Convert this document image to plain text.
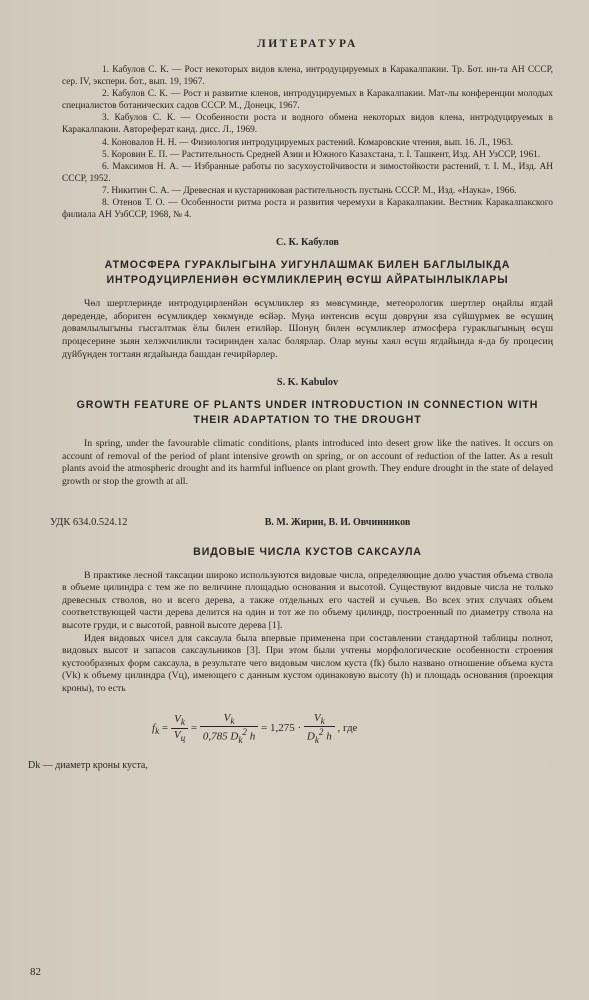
ЛИТЕРАТУРА

1. Кабулов С. К. — Рост некоторых видов клена, интродуцируемых в Каракалпакии. Тр. Бот. ин-та АН СССР, сер. IV, экспери. бот., вып. 19, 1967.

2. Кабулов С. К. — Рост и развитие кленов, интродуцируемых в Каракалпакии. Мат-лы конференции молодых специалистов ботанических садов СССР. М., Донецк, 1967.

3. Кабулов С. К. — Особенности роста и водного обмена некоторых видов клена, интродуцируемых в Каракалпакии. Автореферат канд. дисс. Л., 1969.

4. Коновалов Н. Н. — Физиология интродуцируемых растений. Комаровские чтения, вып. 16. Л., 1963.

5. Коровин Е. П. — Растительность Средней Азии и Южного Казахстана, т. I. Ташкент, Изд. АН УзССР, 1961.

6. Максимов Н. А. — Избранные работы по засухоустойчивости и зимостойкости растений, т. I. М., Изд. АН СССР, 1952.

7. Никитин С. А. — Древесная и кустарниковая растительность пустынь СССР. М., Изд. «Наука», 1966.

8. Отенов Т. О. — Особенности ритма роста и развития черемухи в Каракалпакии. Вестник Каракалпакского филиала АН УзбССР, 1968, № 4.

С. К. Кабулов
АТМОСФЕРА ГУРАКЛЫГЫНА УИГУНЛАШМАК БИЛЕН БАГЛЫЛЫКДА ИНТРОДУЦИРЛЕНИӘН ӨСҮМЛИКЛЕРИҢ ӨСҮШ АЙРАТЫНЛЫКЛАРЫ

Чөл шертлеринде интродуцирленйән өсүмликлер яз мөвсүминде, метеорологик шертлер оңайлы ягдай дөреденде, абориген өсүмликдер хөкмүнде өсйәр. Муңа интенсив өсүш доврүни яза сүйшүрмек ве өсүшиң довамлылыгыны гысгалтмак ёлы билен етилйәр. Шонуң билен өсүмликлер атмосфера гураклыгының өсүш процесерине зыян хелэкчиликли тәсиринден халас болярлар. Олар муны хаял өсүш ягдайында я-да бу процесиң дүйбүнден тогтаян ягдайында башдан гечирйәрлер.

S. K. Kabulov
GROWTH FEATURE OF PLANTS UNDER INTRODUCTION IN CONNECTION WITH THEIR ADAPTATION TO THE DROUGHT

In spring, under the favourable climatic conditions, plants introduced into desert grow like the natives. It occurs on account of removal of the period of plant intensive growth on spring, or on account of reduction of the latter. As a result plants avoid the atmospheric drought and its harmful influence on plant growth. They endure drought in the state of delayed growth or stop the growth at all.

УДК 634.0.524.12	В. М. Жирин, В. И. Овчинников
ВИДОВЫЕ ЧИСЛА КУСТОВ САКСАУЛА

В практике лесной таксации широко используются видовые числа, определяющие долю участия объема ствола в объеме цилиндра с тем же по величине площадью основания и высотой. Существуют видовые числа не только древесных стволов, но и всего дерева, а также отдельных его частей и сучьев. Во всех этих случаях объем соответствующей части дерева делится на один и тот же по объему цилиндр, построенный по диаметру ствола на высоте груди, и с высотой, равной высоте дерева [1].

Идея видовых чисел для саксаула была впервые применена при составлении стандартной таблицы полнот, видовых высот и запасов саксаульников [3]. При этом были учтены морфологические особенности строения кустообразных форм саксаула, в результате чего видовым числом куста (fk) было названо отношение объема куста (Vk) к объему цилиндра (Vц), имеющего с данным кустом одинаковую высоту (h) и площадь основания (проекция кроны), то есть

$f_k = \frac{V_k}{V_ц} = \frac{V_k}{0,785 D_k^2 h} = 1,275 \cdot \frac{V_k}{D_k^2 h}$ , где
Dk — диаметр кроны куста,
82
